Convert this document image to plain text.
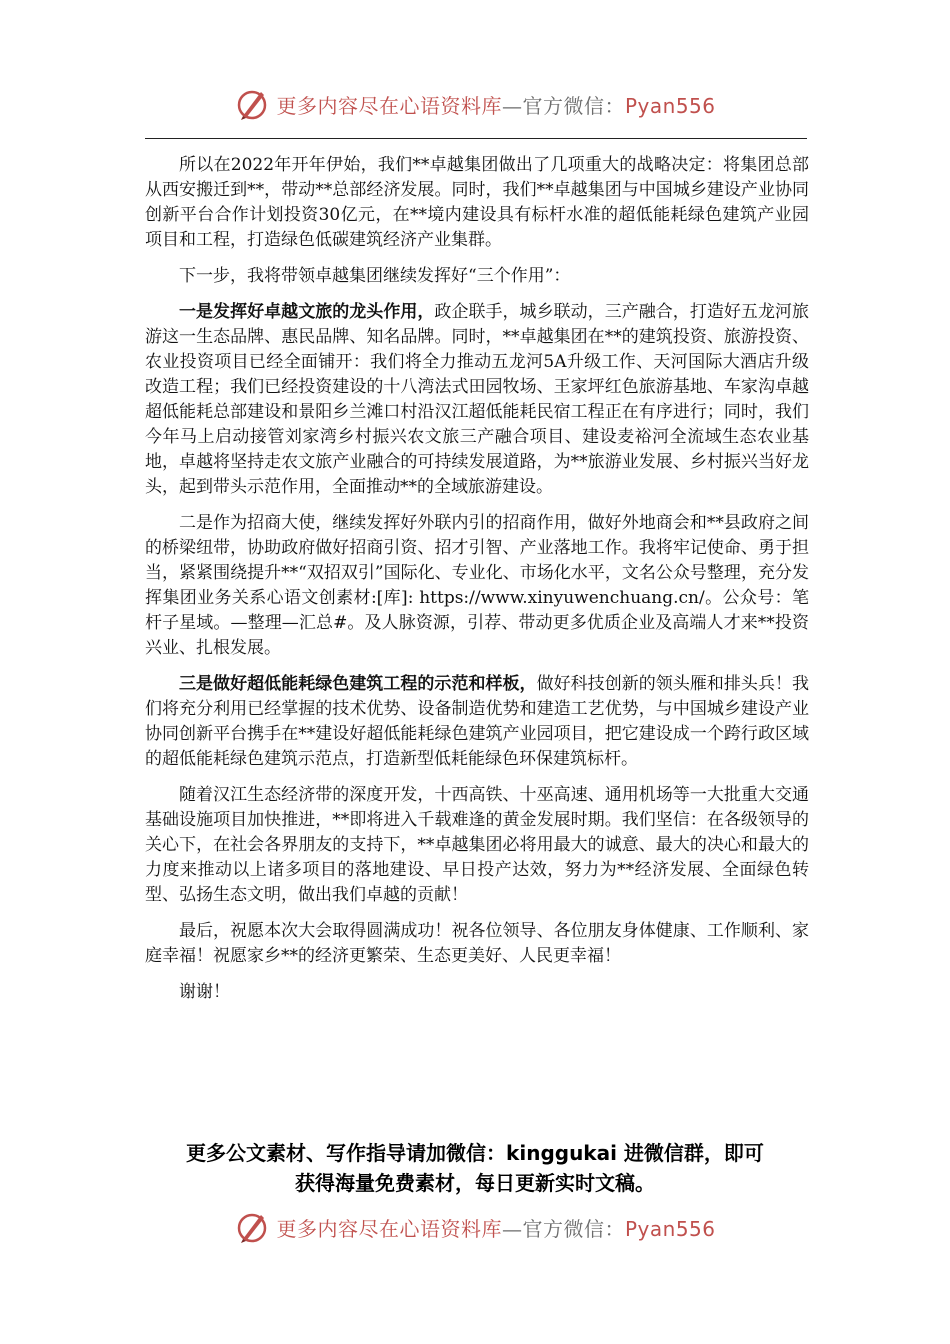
更多内容尽在心语资料库—官方微信：Pyan556

所以在2022年开年伊始，我们**卓越集团做出了几项重大的战略决定：将集团总部从西安搬迁到**，带动**总部经济发展。同时，我们**卓越集团与中国城乡建设产业协同创新平台合作计划投资30亿元，在**境内建设具有标杆水准的超低能耗绿色建筑产业园项目和工程，打造绿色低碳建筑经济产业集群。

下一步，我将带领卓越集团继续发挥好“三个作用”：

一是发挥好卓越文旅的龙头作用，政企联手，城乡联动，三产融合，打造好五龙河旅游这一生态品牌、惠民品牌、知名品牌。同时，**卓越集团在**的建筑投资、旅游投资、农业投资项目已经全面铺开：我们将全力推动五龙河5A升级工作、天河国际大酒店升级改造工程；我们已经投资建设的十八湾法式田园牧场、王家坪红色旅游基地、车家沟卓越超低能耗总部建设和景阳乡兰滩口村沿汉江超低能耗民宿工程正在有序进行；同时，我们今年马上启动接管刘家湾乡村振兴农文旅三产融合项目、建设麦裕河全流域生态农业基地，卓越将坚持走农文旅产业融合的可持续发展道路，为**旅游业发展、乡村振兴当好龙头，起到带头示范作用，全面推动**的全域旅游建设。

二是作为招商大使，继续发挥好外联内引的招商作用，做好外地商会和**县政府之间的桥梁纽带，协助政府做好招商引资、招才引智、产业落地工作。我将牢记使命、勇于担当，紧紧围绕提升**“双招双引”国际化、专业化、市场化水平，文名公众号整理，充分发挥集团业务关系心语文创素材:[库]: https://www.xinyuwenchuang.cn/。公众号：笔杆子星域。—整理—汇总#。及人脉资源，引荐、带动更多优质企业及高端人才来**投资兴业、扎根发展。

三是做好超低能耗绿色建筑工程的示范和样板，做好科技创新的领头雁和排头兵！我们将充分利用已经掌握的技术优势、设备制造优势和建造工艺优势，与中国城乡建设产业协同创新平台携手在**建设好超低能耗绿色建筑产业园项目，把它建设成一个跨行政区域的超低能耗绿色建筑示范点，打造新型低耗能绿色环保建筑标杆。

随着汉江生态经济带的深度开发，十西高铁、十巫高速、通用机场等一大批重大交通基础设施项目加快推进，**即将进入千载难逢的黄金发展时期。我们坚信：在各级领导的关心下，在社会各界朋友的支持下，**卓越集团必将用最大的诚意、最大的决心和最大的力度来推动以上诸多项目的落地建设、早日投产达效，努力为**经济发展、全面绿色转型、弘扬生态文明，做出我们卓越的贡献！

最后，祝愿本次大会取得圆满成功！祝各位领导、各位朋友身体健康、工作顺利、家庭幸福！祝愿家乡**的经济更繁荣、生态更美好、人民更幸福！

谢谢！

更多公文素材、写作指导请加微信：kinggukai 进微信群，即可
获得海量免费素材，每日更新实时文稿。
更多内容尽在心语资料库—官方微信：Pyan556
